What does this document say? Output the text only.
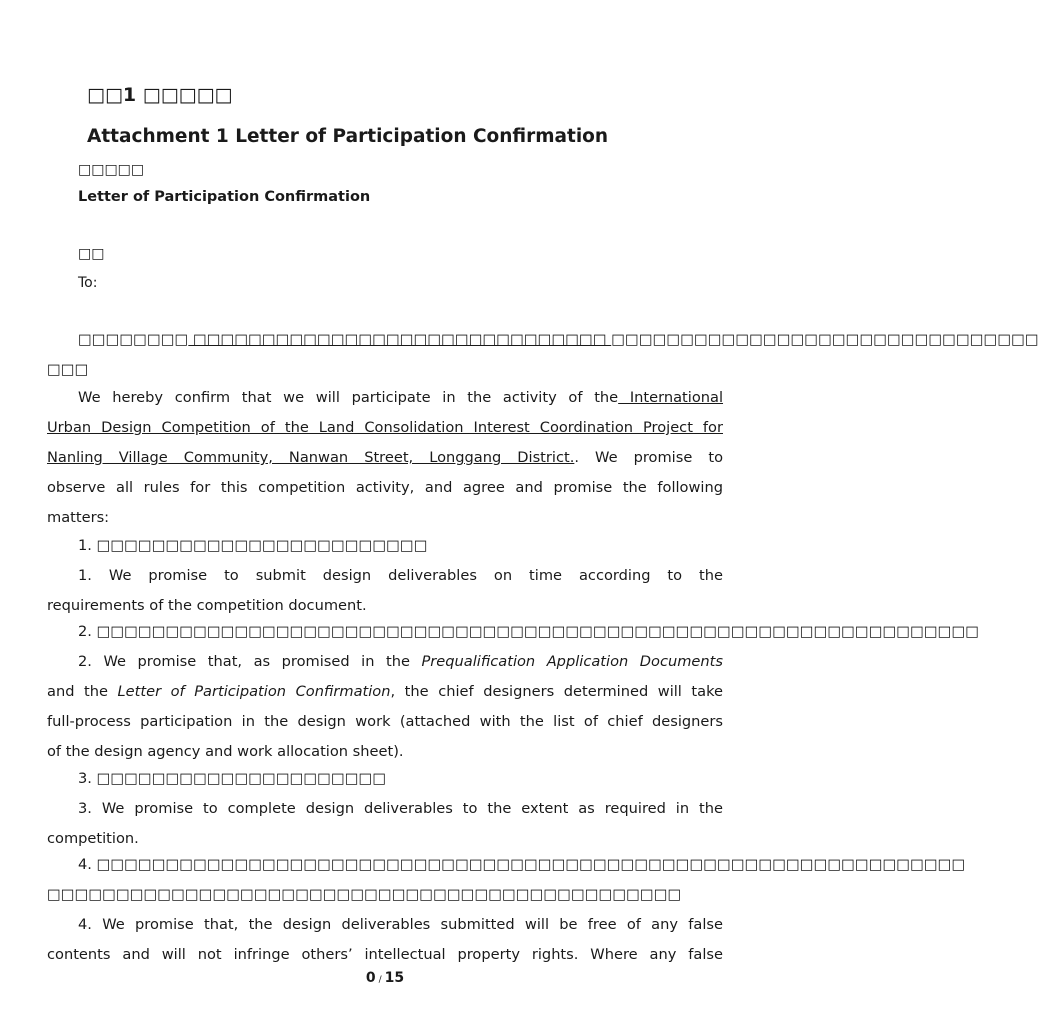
□□1 □□□□□
Attachment 1 Letter of Participation Confirmation
□□□□□
Letter of Participation Confirmation
□□
To:
□□□□□□□□ □□□□□□□□□□□□□□□□□□□□□□□□□□□□□□ □□□□□□□□□□□□□□□□□□□□□□□□□□□□□□□
□□□
We hereby confirm that we will participate in the activity of the International
Urban Design Competition of the Land Consolidation Interest Coordination Project for
Nanling Village Community, Nanwan Street, Longgang District.. We promise to
observe all rules for this competition activity, and agree and promise the following
matters:
1. □□□□□□□□□□□□□□□□□□□□□□□□
1. We promise to submit design deliverables on time according to the
requirements of the competition document.
2. □□□□□□□□□□□□□□□□□□□□□□□□□□□□□□□□□□□□□□□□□□□□□□□□□□□□□□□□□□□□□□□□
2. We promise that, as promised in the Prequalification Application Documents
and the Letter of Participation Confirmation, the chief designers determined will take
full-process participation in the design work (attached with the list of chief designers
of the design agency and work allocation sheet).
3. □□□□□□□□□□□□□□□□□□□□□
3. We promise to complete design deliverables to the extent as required in the
competition.
4. □□□□□□□□□□□□□□□□□□□□□□□□□□□□□□□□□□□□□□□□□□□□□□□□□□□□□□□□□□□□□□□
□□□□□□□□□□□□□□□□□□□□□□□□□□□□□□□□□□□□□□□□□□□□□□
4. We promise that, the design deliverables submitted will be free of any false
contents and will not infringe others’ intellectual property rights. Where any false
0 / 15
